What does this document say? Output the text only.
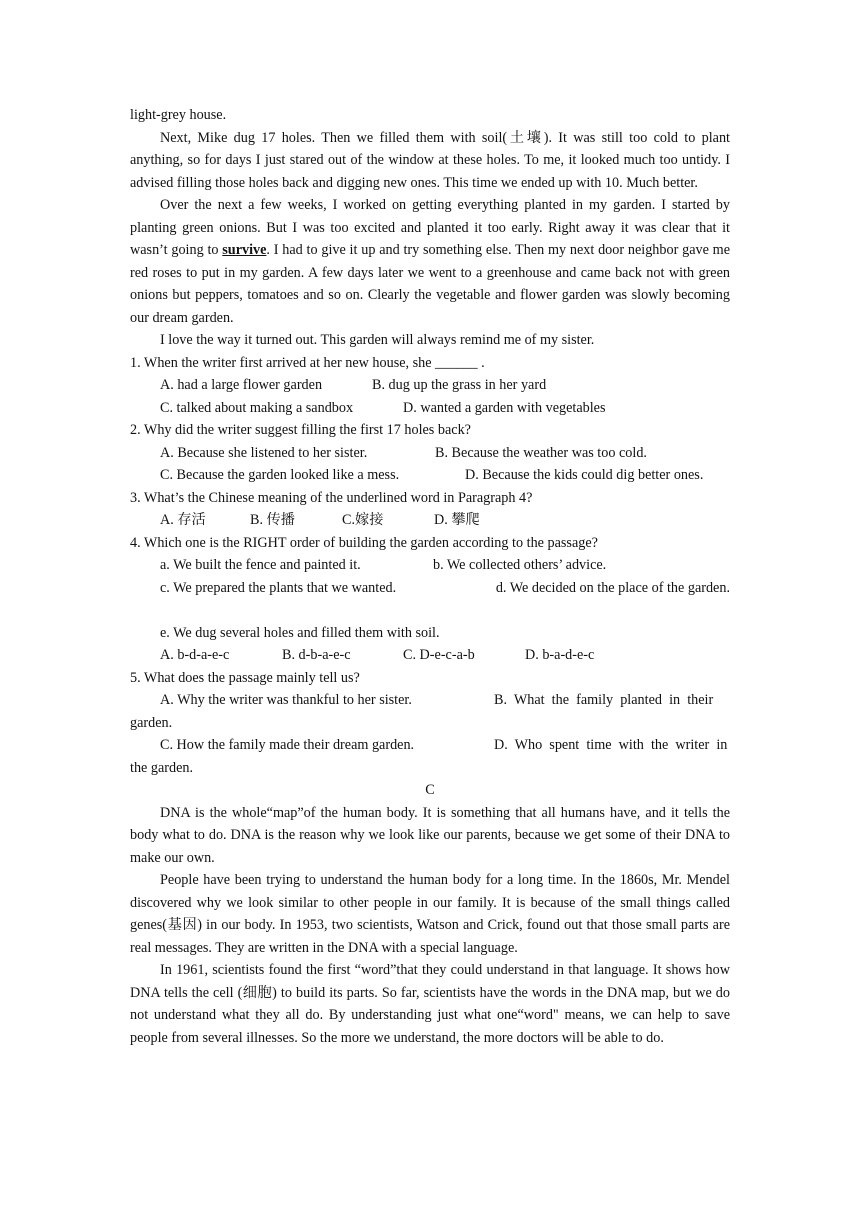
light-grey house.

Next, Mike dug 17 holes. Then we filled them with soil(土壤). It was still too cold to plant anything, so for days I just stared out of the window at these holes. To me, it looked much too untidy. I advised filling those holes back and digging new ones. This time we ended up with 10. Much better.

Over the next a few weeks, I worked on getting everything planted in my garden. I started by planting green onions. But I was too excited and planted it too early. Right away it was clear that it wasn’t going to survive. I had to give it up and try something else. Then my next door neighbor gave me red roses to put in my garden. A few days later we went to a greenhouse and came back not with green onions but peppers, tomatoes and so on. Clearly the vegetable and flower garden was slowly becoming our dream garden.

I love the way it turned out. This garden will always remind me of my sister.

1. When the writer first arrived at her new house, she ______ .

A. had a large flower garden	B. dug up the grass in her yard

C. talked about making a sandbox	D. wanted a garden with vegetables

2. Why did the writer suggest filling the first 17 holes back?

A. Because she listened to her sister.	B. Because the weather was too cold.

C. Because the garden looked like a mess.	D. Because the kids could dig better ones.

3. What’s the Chinese meaning of the underlined word in Paragraph 4?

A. 存活	B. 传播	C.嫁接	D. 攀爬

4. Which one is the RIGHT order of building the garden according to the passage?

a. We built the fence and painted it.	b. We collected others’ advice.

c. We prepared the plants that we wanted.	d. We decided on the place of the garden.

e. We dug several holes and filled them with soil.

A. b-d-a-e-c	B. d-b-a-e-c	C. D-e-c-a-b	D. b-a-d-e-c

5. What does the passage mainly tell us?

A. Why the writer was thankful to her sister.	B.  What  the  family  planted  in  their

garden.

C. How the family made their dream garden.	D.  Who  spent  time  with  the  writer  in

the garden.

C

DNA is the whole“map”of the human body. It is something that all humans have, and it tells the body what to do. DNA is the reason why we look like our parents, because we get some of their DNA to make our own.

People have been trying to understand the human body for a long time. In the 1860s, Mr. Mendel discovered why we look similar to other people in our family. It is because of the small things called genes(基因) in our body. In 1953, two scientists, Watson and Crick, found out that those small parts are real messages. They are written in the DNA with a special language.

In 1961, scientists found the first “word”that they could understand in that language. It shows how DNA tells the cell (细胞) to build its parts. So far, scientists have the words in the DNA map, but we do not understand what they all do. By understanding just what one“word" means, we can help to save people from several illnesses. So the more we understand, the more doctors will be able to do.
